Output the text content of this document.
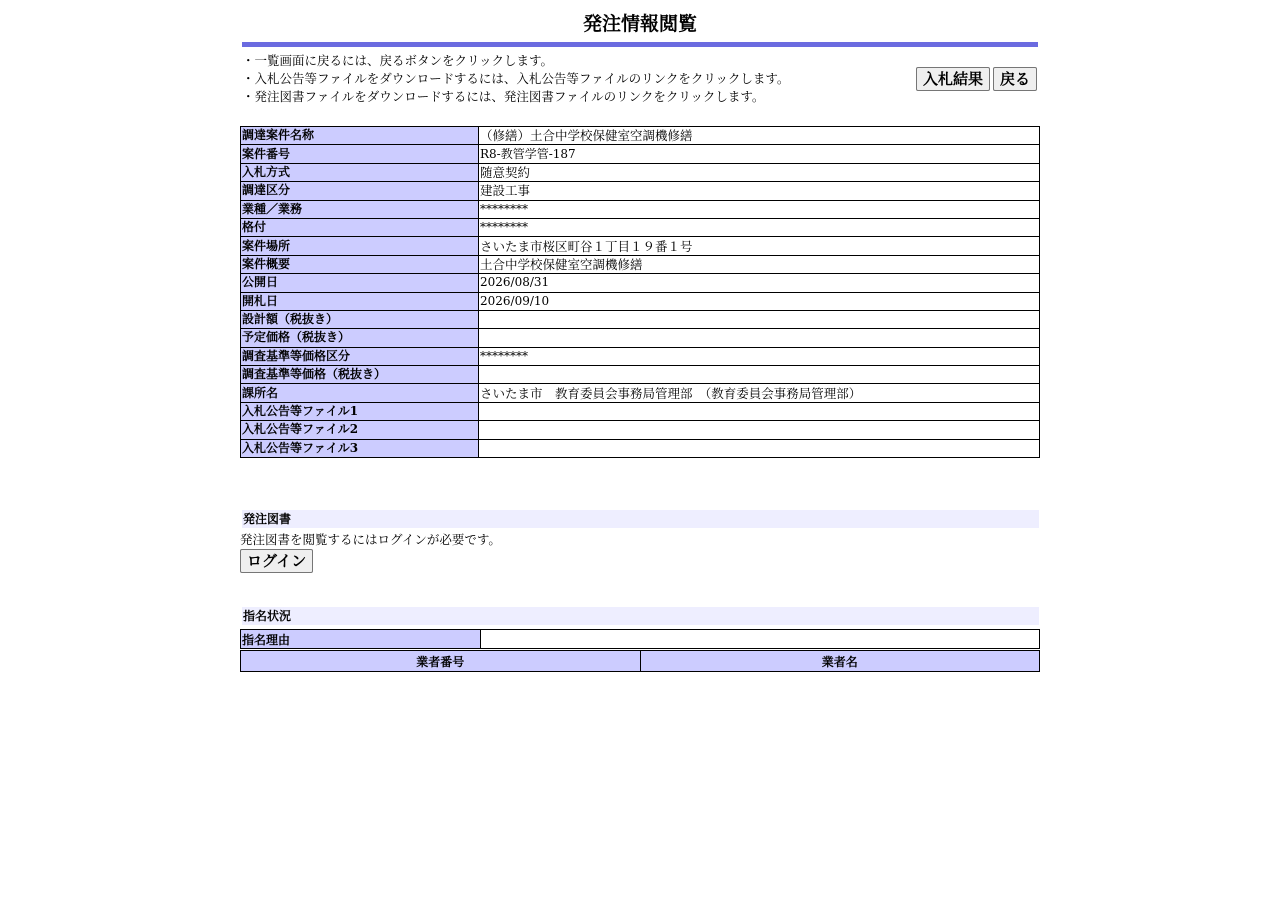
発注情報閲覧
・一覧画面に戻るには、戻るボタンをクリックします。
・入札公告等ファイルをダウンロードするには、入札公告等ファイルのリンクをクリックします。
・発注図書ファイルをダウンロードするには、発注図書ファイルのリンクをクリックします。
入札結果	戻る
調達案件名称	（修繕）土合中学校保健室空調機修繕
案件番号	R8-教管学管-187
入札方式	随意契約
調達区分	建設工事
業種／業務	********
格付	********
案件場所	さいたま市桜区町谷１丁目１９番１号
案件概要	土合中学校保健室空調機修繕
公開日	2026/08/31
開札日	2026/09/10
設計額（税抜き）	
予定価格（税抜き）	
調査基準等価格区分	********
調査基準等価格（税抜き）	
課所名	さいたま市　教育委員会事務局管理部　（教育委員会事務局管理部）
入札公告等ファイル1	
入札公告等ファイル2	
入札公告等ファイル3	
発注図書
発注図書を閲覧するにはログインが必要です。
ログイン
指名状況
指名理由	
業者番号	業者名
